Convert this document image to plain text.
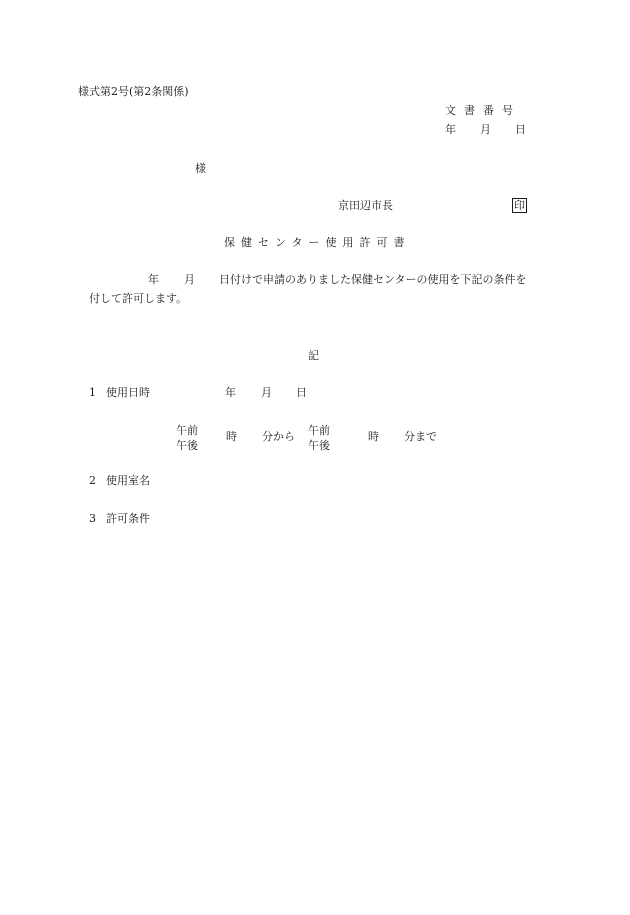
様式第2号(第2条関係)
文書番号
年 月 日
様
京田辺市長	印
保健センター使用許可書
年 月 日付けで申請のありました保健センターの使用を下記の条件を
付して許可します。
記
1 使用日時	年 月 日
午前
午後
時 分から 午前
午後
時 分まで
2 使用室名
3 許可条件
